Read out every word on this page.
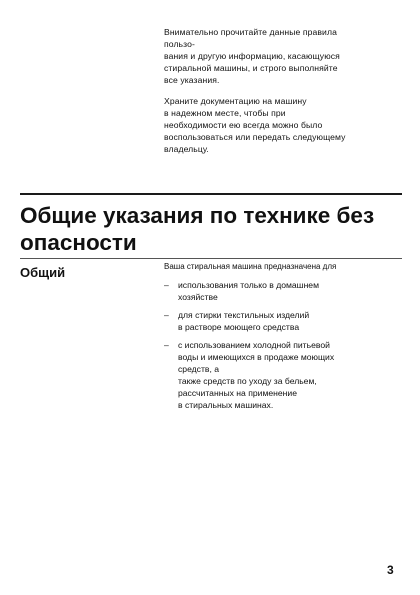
Внимательно прочитайте данные правила
пользо-
вания и другую информацию, касающуюся
стиральной машины, и строго выполняйте
все указания.

Храните документацию на машину
в надежном месте, чтобы при
необходимости ею всегда можно было
воспользоваться или передать следующему
владельцу.

Общие указания по технике без
опасности
Общий	Ваша стиральная машина предназначена для

– использования только в домашнем
хозяйстве
– для стирки текстильных изделий
в растворе моющего средства
– с использованием холодной питьевой
воды и имеющихся в продаже моющих
средств, а
также средств по уходу за бельем,
рассчитанных на применение
в стиральных машинах.
3
